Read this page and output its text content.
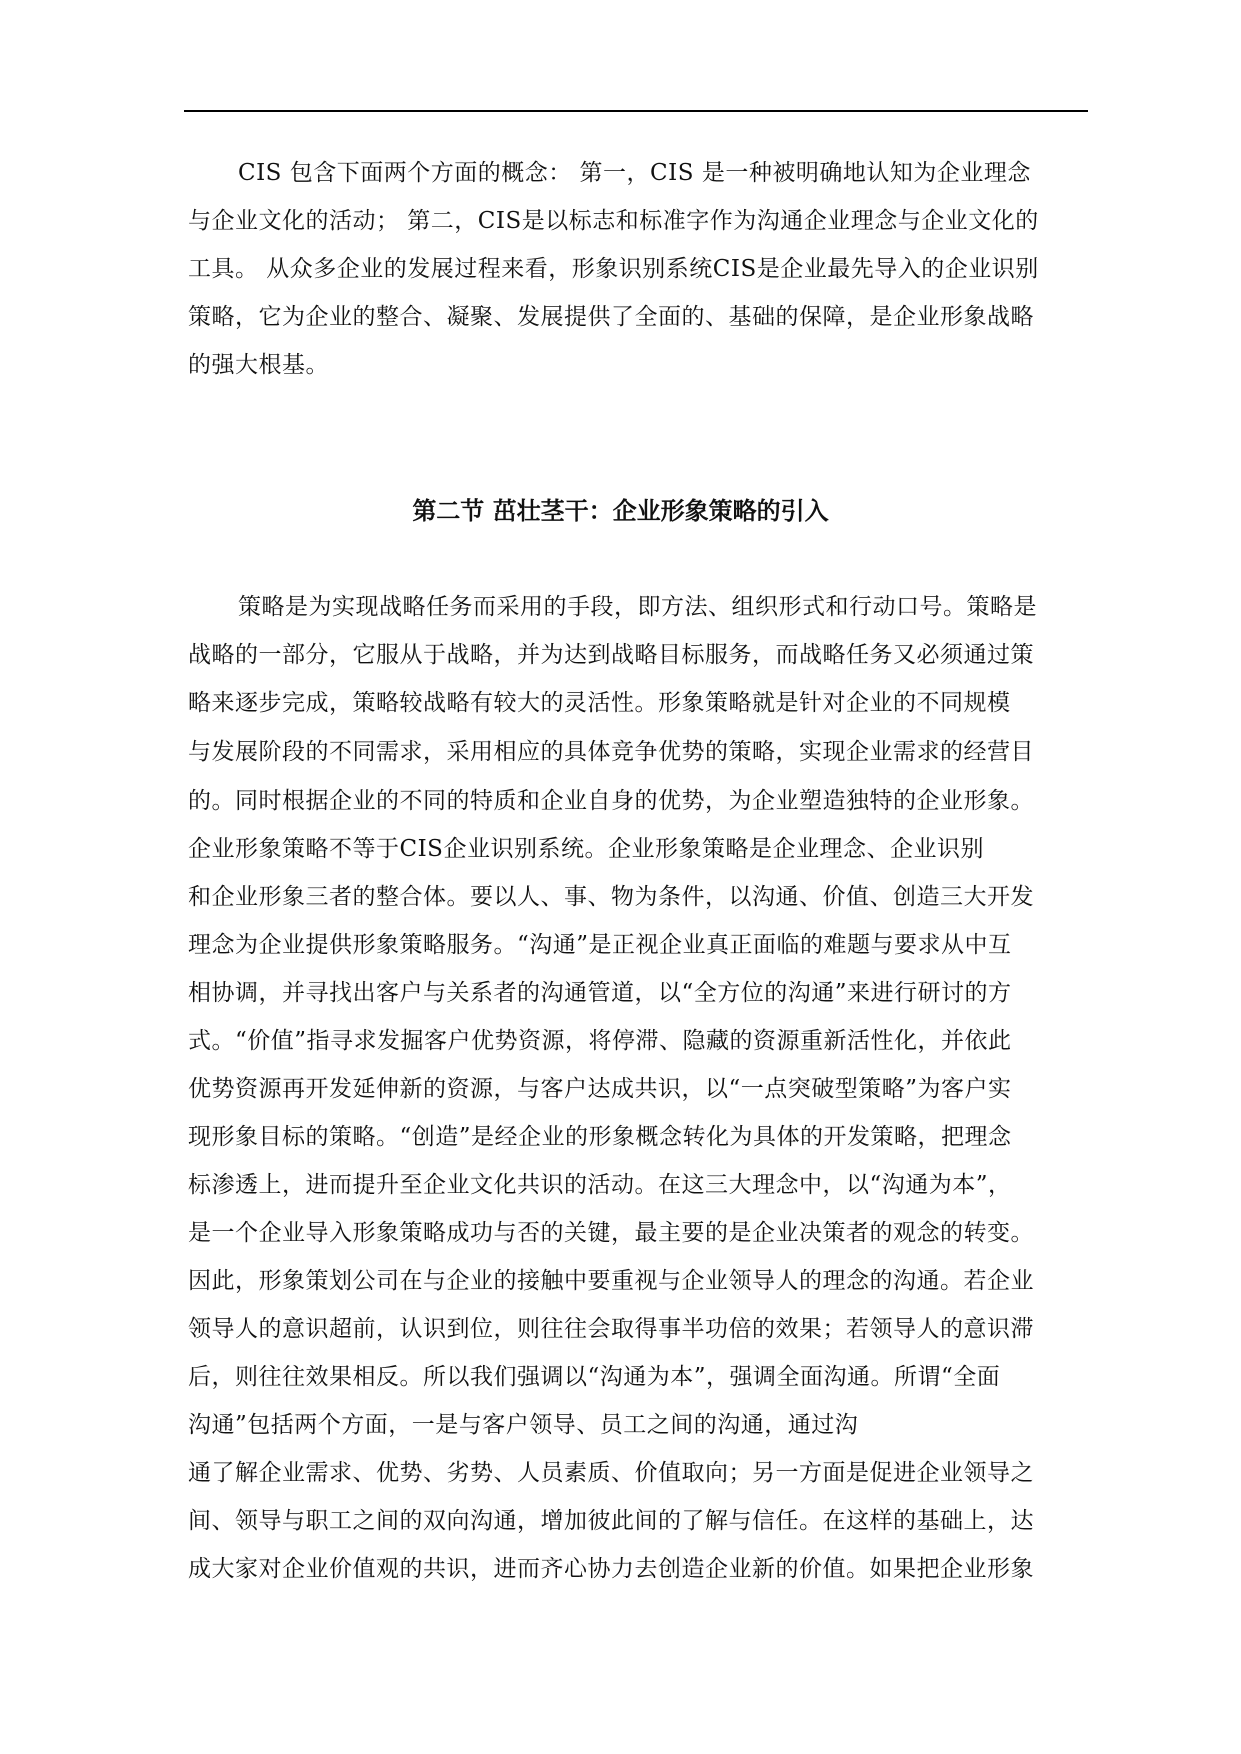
CIS 包含下面两个方面的概念： 第一，CIS 是一种被明确地认知为企业理念

与企业文化的活动； 第二，CIS是以标志和标准字作为沟通企业理念与企业文化的

工具。 从众多企业的发展过程来看，形象识别系统CIS是企业最先导入的企业识别

策略，它为企业的整合、凝聚、发展提供了全面的、基础的保障，是企业形象战略

的强大根基。

第二节 茁壮茎干：企业形象策略的引入

策略是为实现战略任务而采用的手段，即方法、组织形式和行动口号。策略是

战略的一部分，它服从于战略，并为达到战略目标服务，而战略任务又必须通过策

略来逐步完成，策略较战略有较大的灵活性。形象策略就是针对企业的不同规模

与发展阶段的不同需求，采用相应的具体竞争优势的策略，实现企业需求的经营目

的。同时根据企业的不同的特质和企业自身的优势，为企业塑造独特的企业形象。

企业形象策略不等于CIS企业识别系统。企业形象策略是企业理念、企业识别

和企业形象三者的整合体。要以人、事、物为条件，以沟通、价值、创造三大开发

理念为企业提供形象策略服务。“沟通”是正视企业真正面临的难题与要求从中互

相协调，并寻找出客户与关系者的沟通管道，以“全方位的沟通”来进行研讨的方

式。“价值”指寻求发掘客户优势资源，将停滞、隐藏的资源重新活性化，并依此

优势资源再开发延伸新的资源，与客户达成共识，以“一点突破型策略”为客户实

现形象目标的策略。“创造”是经企业的形象概念转化为具体的开发策略，把理念

标渗透上，进而提升至企业文化共识的活动。在这三大理念中，以“沟通为本”，

是一个企业导入形象策略成功与否的关键，最主要的是企业决策者的观念的转变。

因此，形象策划公司在与企业的接触中要重视与企业领导人的理念的沟通。若企业

领导人的意识超前，认识到位，则往往会取得事半功倍的效果；若领导人的意识滞

后，则往往效果相反。所以我们强调以“沟通为本”，强调全面沟通。所谓“全面

沟通”包括两个方面，一是与客户领导、员工之间的沟通，通过沟

通了解企业需求、优势、劣势、人员素质、价值取向；另一方面是促进企业领导之

间、领导与职工之间的双向沟通，增加彼此间的了解与信任。在这样的基础上，达

成大家对企业价值观的共识，进而齐心协力去创造企业新的价值。如果把企业形象
